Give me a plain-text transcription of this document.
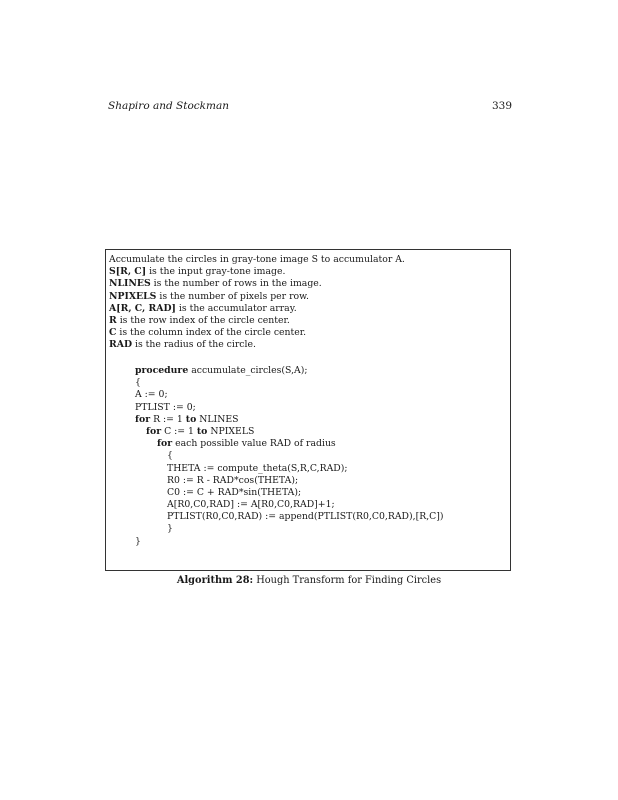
Shapiro and Stockman	339
Accumulate the circles in gray-tone image S to accumulator A.
S[R, C] is the input gray-tone image.
NLINES is the number of rows in the image.
NPIXELS is the number of pixels per row.
A[R, C, RAD] is the accumulator array.
R is the row index of the circle center.
C is the column index of the circle center.
RAD is the radius of the circle.
procedure accumulate_circles(S,A);
{
A := 0;
PTLIST := 0;
for R := 1 to NLINES
for C := 1 to NPIXELS
for each possible value RAD of radius
{
THETA := compute_theta(S,R,C,RAD);
R0 := R - RAD*cos(THETA);
C0 := C + RAD*sin(THETA);
A[R0,C0,RAD] := A[R0,C0,RAD]+1;
PTLIST(R0,C0,RAD) := append(PTLIST(R0,C0,RAD),[R,C])
}
}
Algorithm 28: Hough Transform for Finding Circles
